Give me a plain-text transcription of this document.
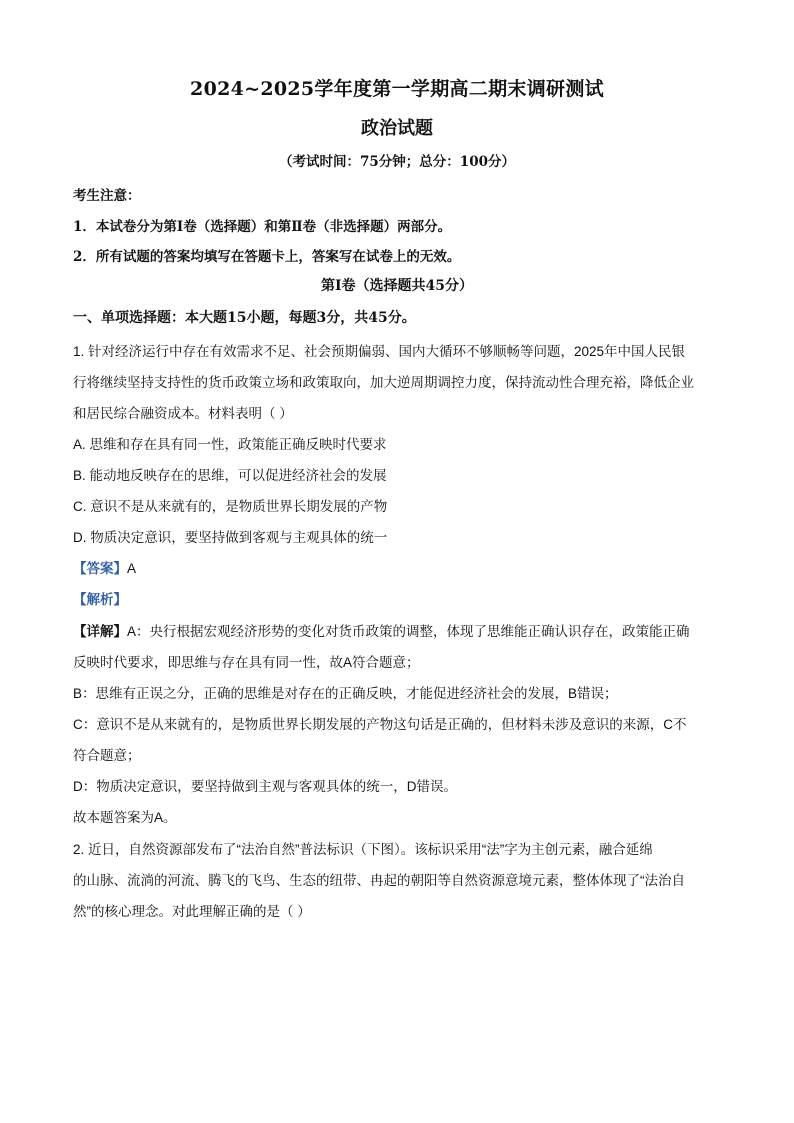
2024~2025学年度第一学期高二期末调研测试
政治试题
（考试时间：75分钟；总分：100分）
考生注意：
1．本试卷分为第Ⅰ卷（选择题）和第Ⅱ卷（非选择题）两部分。
2．所有试题的答案均填写在答题卡上，答案写在试卷上的无效。
第Ⅰ卷（选择题共45分）
一、单项选择题：本大题15小题，每题3分，共45分。
1. 针对经济运行中存在有效需求不足、社会预期偏弱、国内大循环不够顺畅等问题，2025年中国人民银
行将继续坚持支持性的货币政策立场和政策取向，加大逆周期调控力度，保持流动性合理充裕，降低企业
和居民综合融资成本。材料表明（ ）
A. 思维和存在具有同一性，政策能正确反映时代要求
B. 能动地反映存在的思维，可以促进经济社会的发展
C. 意识不是从来就有的，是物质世界长期发展的产物
D. 物质决定意识，要坚持做到客观与主观具体的统一
【答案】A
【解析】
【详解】A：央行根据宏观经济形势的变化对货币政策的调整，体现了思维能正确认识存在，政策能正确
反映时代要求，即思维与存在具有同一性，故A符合题意；
B：思维有正误之分，正确的思维是对存在的正确反映，才能促进经济社会的发展，B错误；
C：意识不是从来就有的，是物质世界长期发展的产物这句话是正确的，但材料未涉及意识的来源，C不
符合题意；
D：物质决定意识，要坚持做到主观与客观具体的统一，D错误。
故本题答案为A。
2. 近日，自然资源部发布了“法治自然”普法标识（下图）。该标识采用“法”字为主创元素，融合延绵
的山脉、流淌的河流、腾飞的飞鸟、生态的纽带、冉起的朝阳等自然资源意境元素，整体体现了“法治自
然”的核心理念。对此理解正确的是（ ）
